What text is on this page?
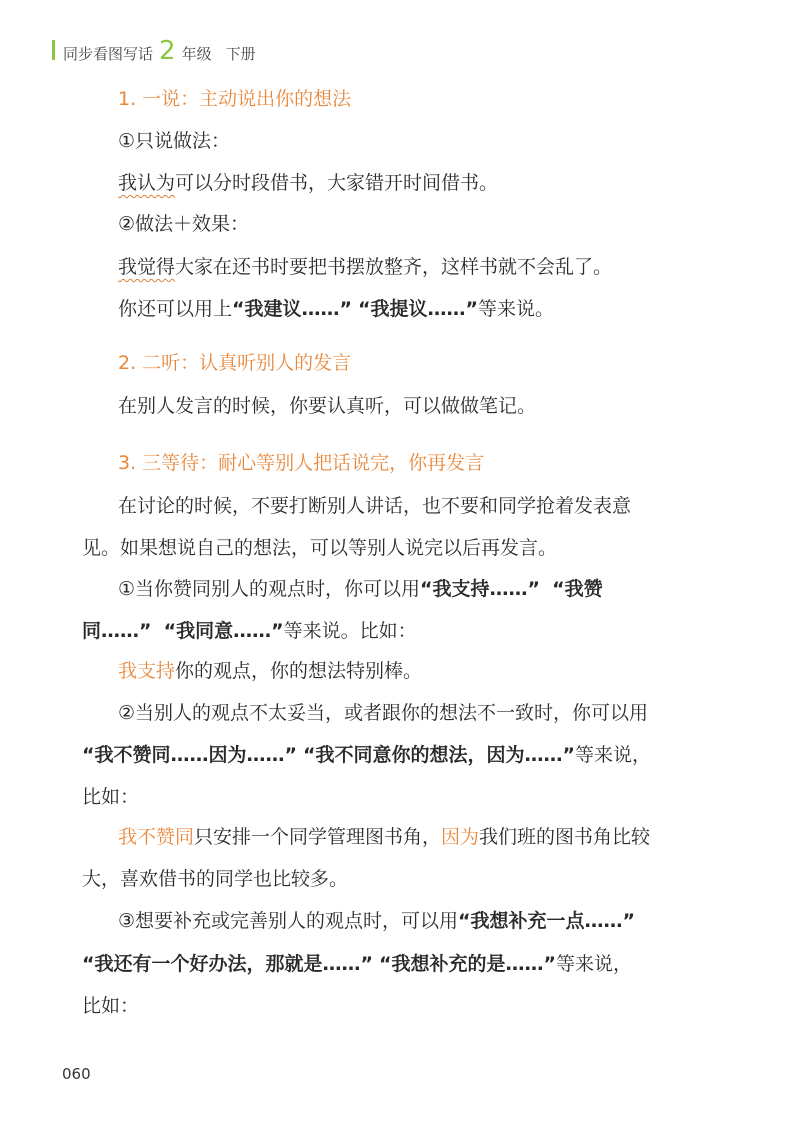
同步看图写话 2 年级 下册
1. 一说：主动说出你的想法
①只说做法：
我认为可以分时段借书，大家错开时间借书。
②做法＋效果：
我觉得大家在还书时要把书摆放整齐，这样书就不会乱了。
你还可以用上“我建议……” “我提议……”等来说。
2. 二听：认真听别人的发言
在别人发言的时候，你要认真听，可以做做笔记。
3. 三等待：耐心等别人把话说完，你再发言
在讨论的时候，不要打断别人讲话，也不要和同学抢着发表意
见。如果想说自己的想法，可以等别人说完以后再发言。
①当你赞同别人的观点时，你可以用“我支持……” “我赞
同……” “我同意……”等来说。比如：
我支持你的观点，你的想法特别棒。
②当别人的观点不太妥当，或者跟你的想法不一致时，你可以用
“我不赞同……因为……” “我不同意你的想法，因为……”等来说，
比如：
我不赞同只安排一个同学管理图书角，因为我们班的图书角比较
大，喜欢借书的同学也比较多。
③想要补充或完善别人的观点时，可以用“我想补充一点……”
“我还有一个好办法，那就是……” “我想补充的是……”等来说，
比如：
060
